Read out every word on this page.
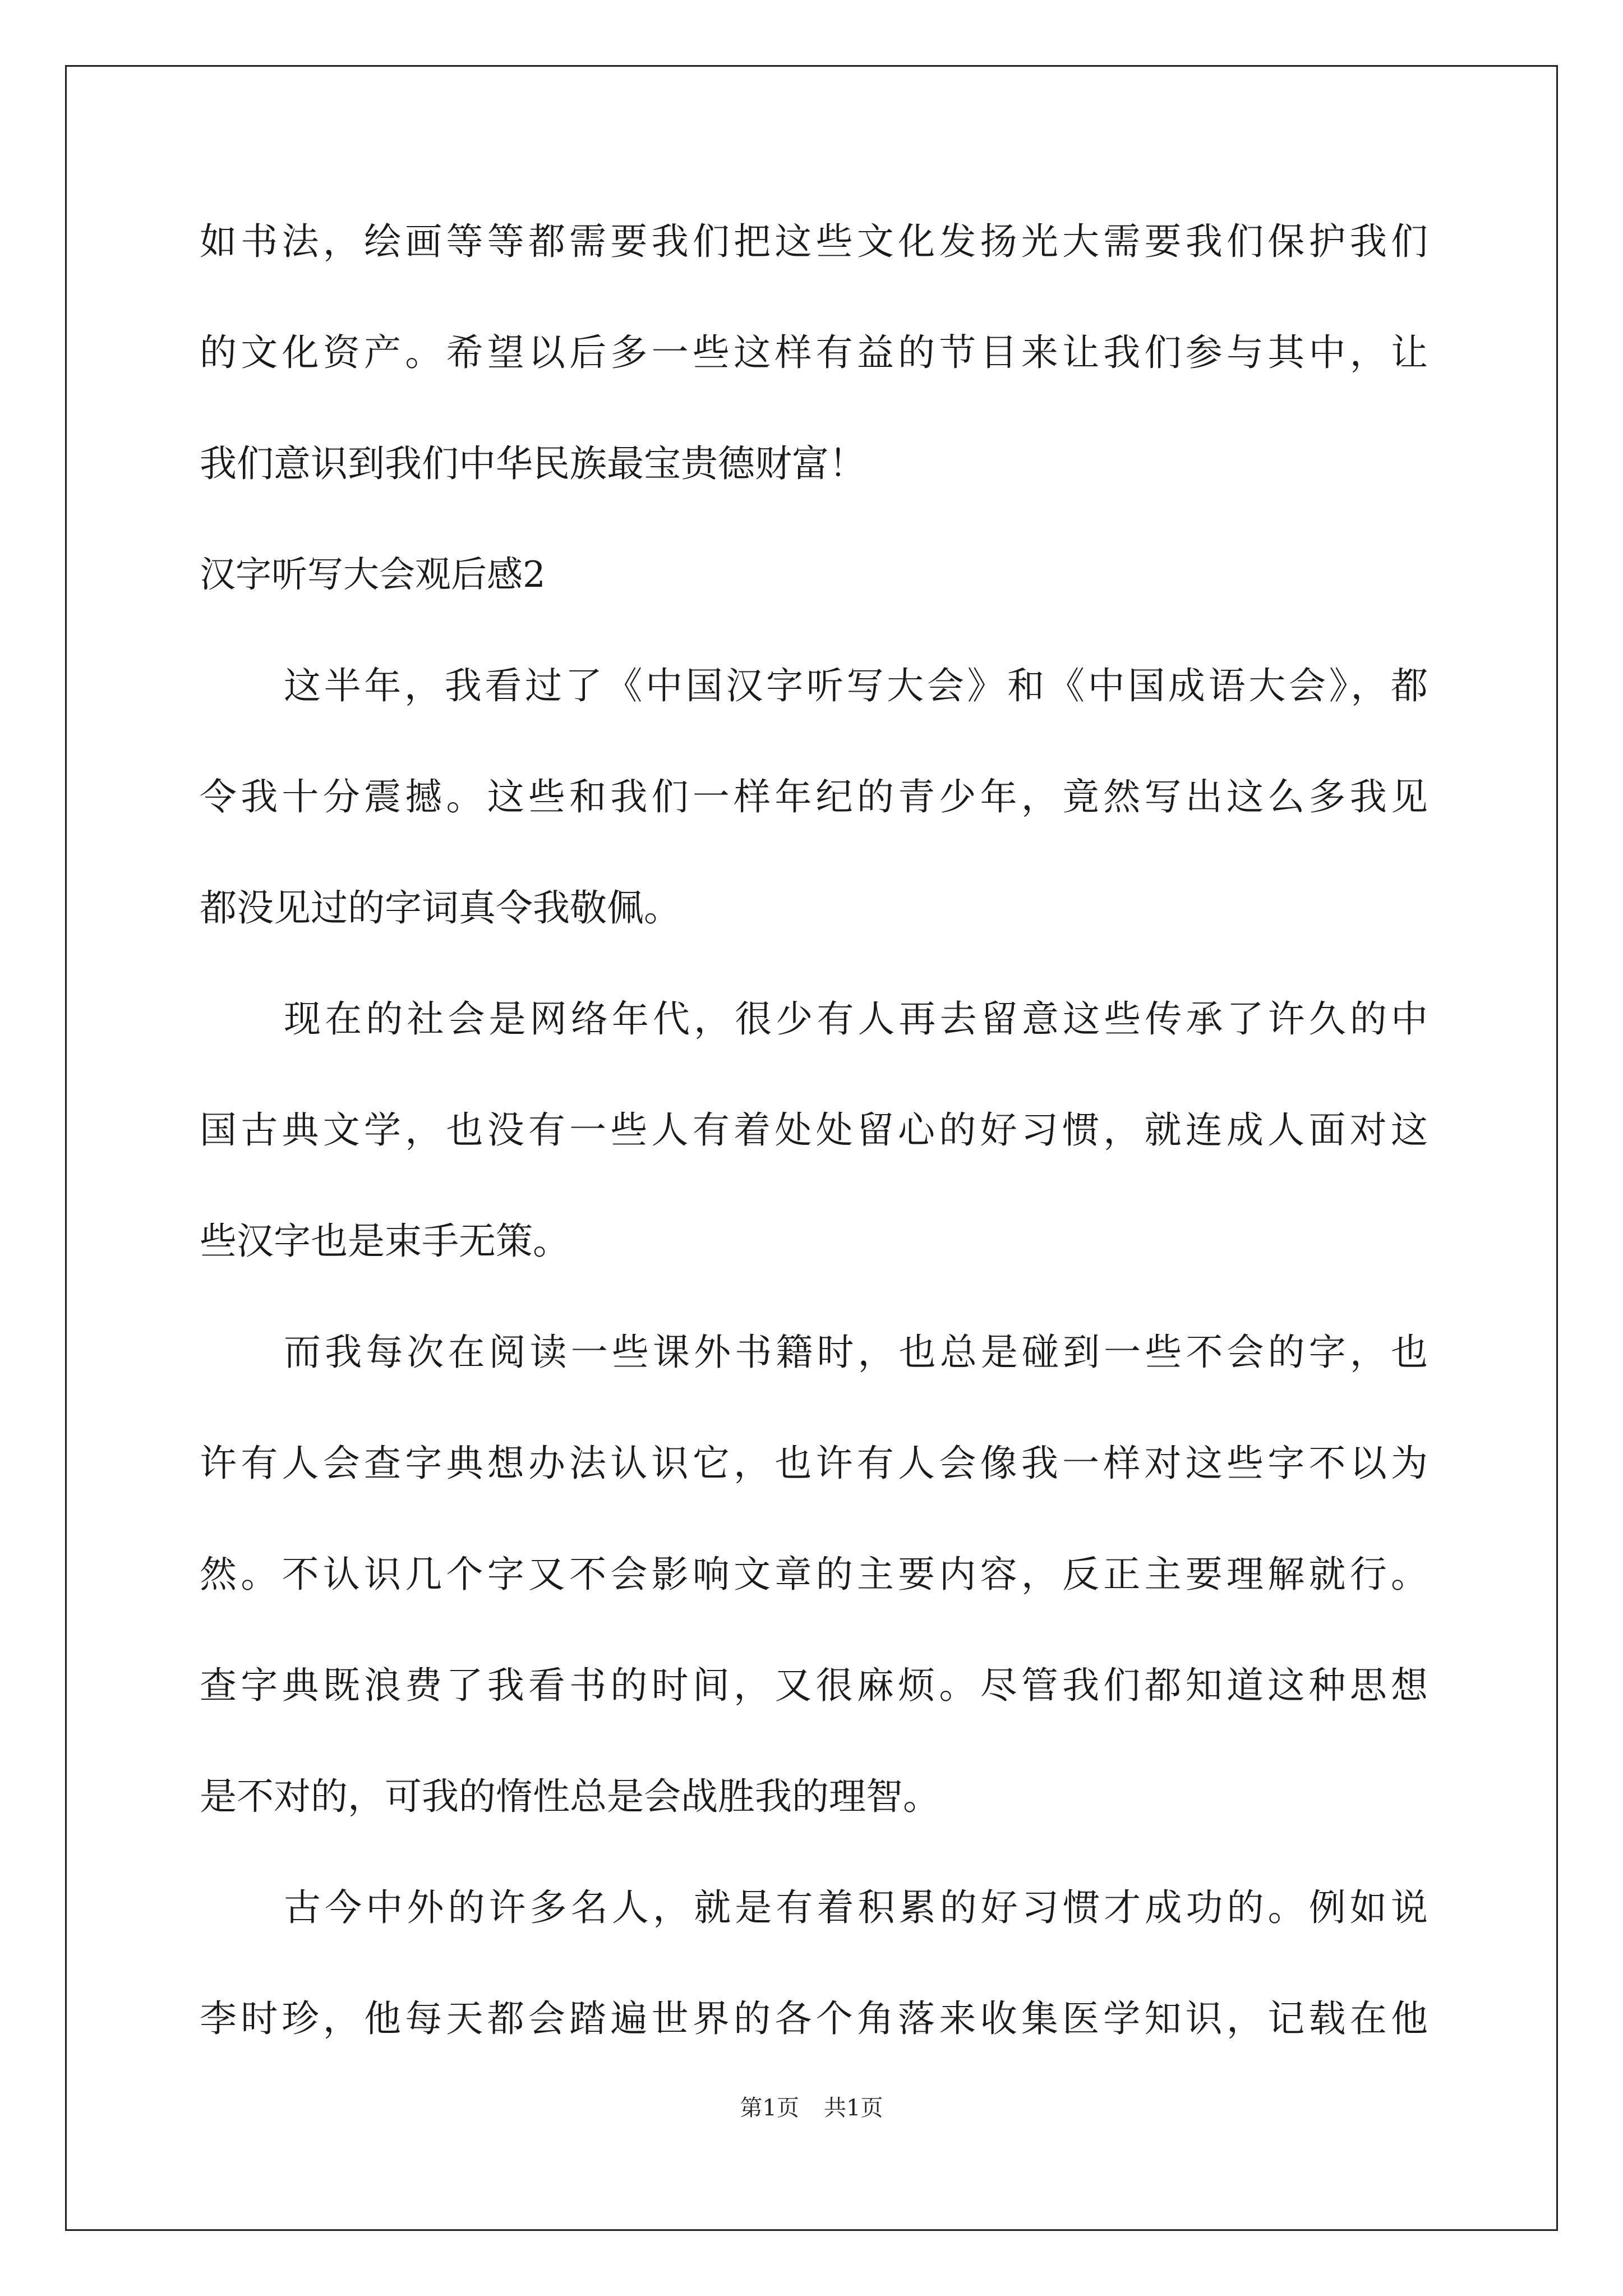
如书法，绘画等等都需要我们把这些文化发扬光大需要我们保护我们
的文化资产。希望以后多一些这样有益的节目来让我们参与其中，让
我们意识到我们中华民族最宝贵德财富！
汉字听写大会观后感2
这半年，我看过了《中国汉字听写大会》和《中国成语大会》，都
令我十分震撼。这些和我们一样年纪的青少年，竟然写出这么多我见
都没见过的字词真令我敬佩。
现在的社会是网络年代，很少有人再去留意这些传承了许久的中
国古典文学，也没有一些人有着处处留心的好习惯，就连成人面对这
些汉字也是束手无策。
而我每次在阅读一些课外书籍时，也总是碰到一些不会的字，也
许有人会查字典想办法认识它，也许有人会像我一样对这些字不以为
然。不认识几个字又不会影响文章的主要内容，反正主要理解就行。
查字典既浪费了我看书的时间，又很麻烦。尽管我们都知道这种思想
是不对的，可我的惰性总是会战胜我的理智。
古今中外的许多名人，就是有着积累的好习惯才成功的。例如说
李时珍，他每天都会踏遍世界的各个角落来收集医学知识，记载在他
第1页 共1页
